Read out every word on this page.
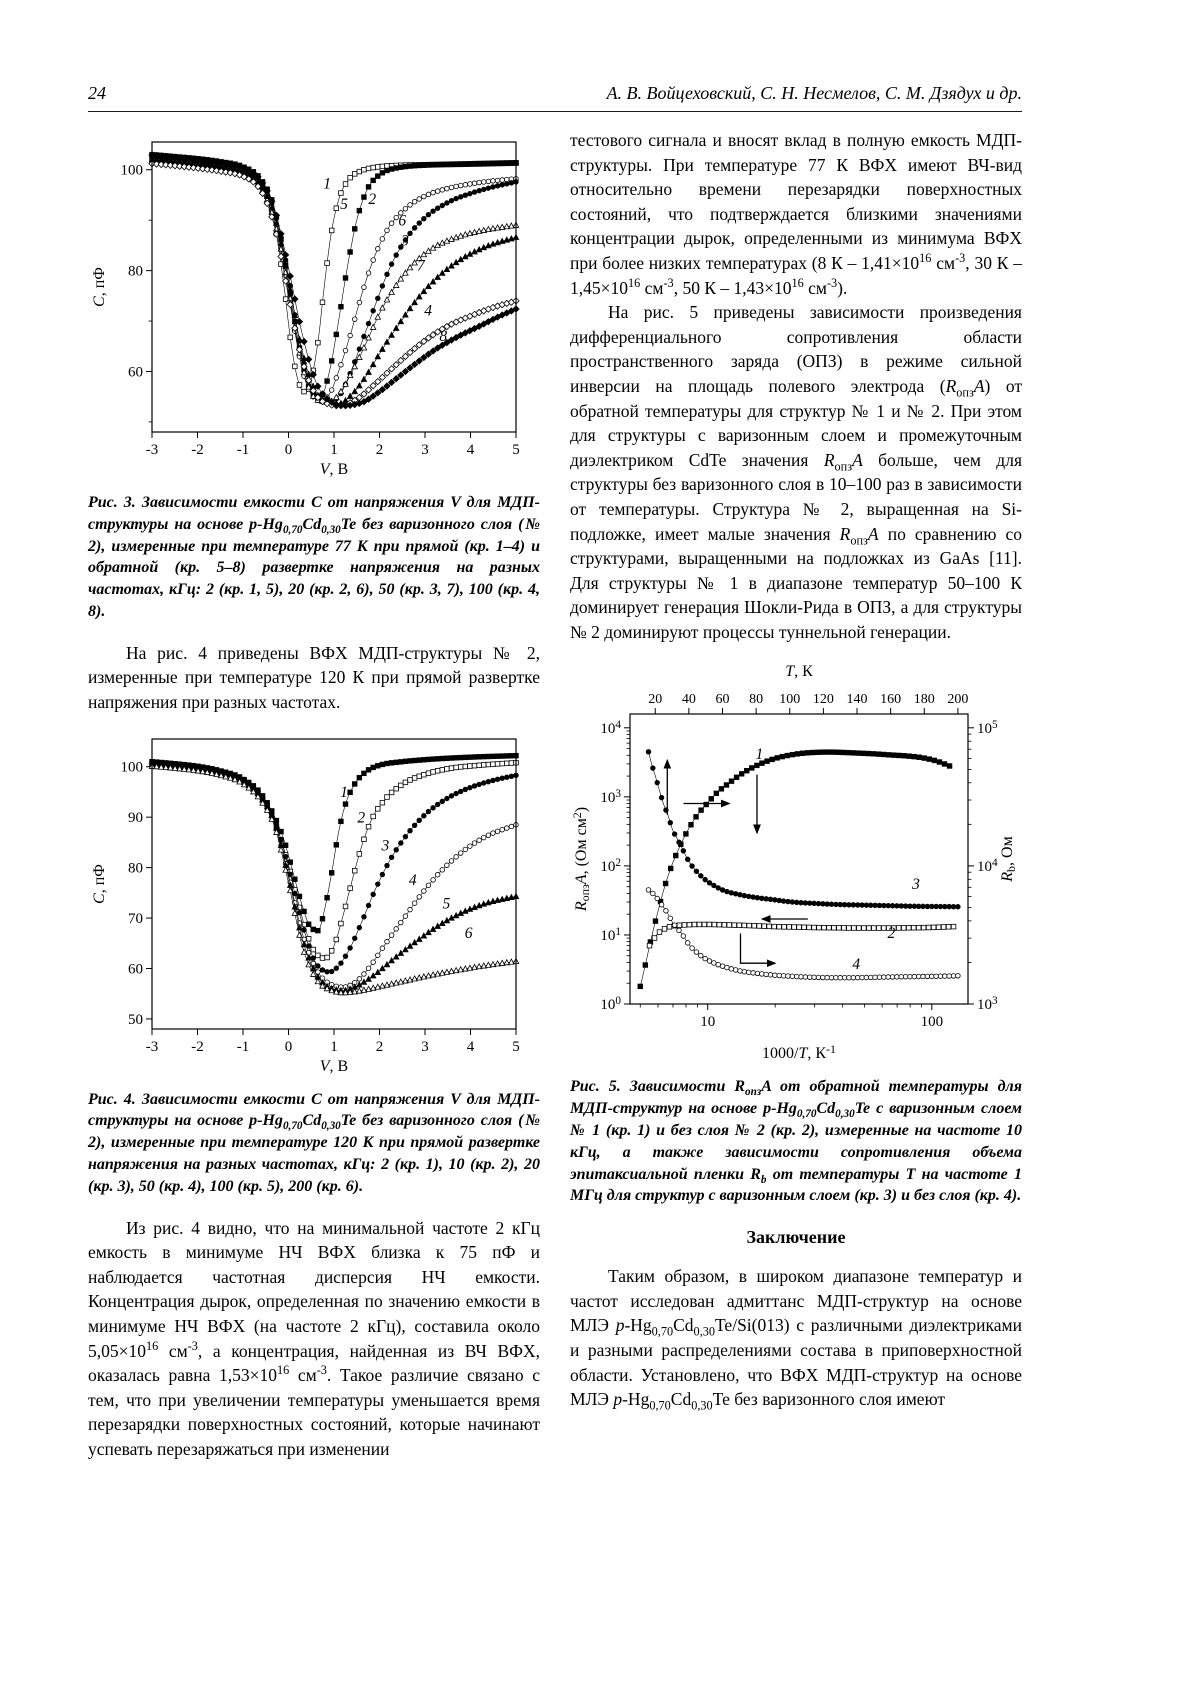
24	А. В. Войцеховский, С. Н. Несмелов, С. М. Дзядух и др.
-3 -2 -1 0	1	2	3	4	5
60
80
100
V, В
C, пФ
1
5 2
6
3
7
4
8

Рис. 3. Зависимости емкости C от напряжения V для МДП-структуры на основе $p-Hg_{0,70}Cd_{0,30}Te$ без варизонного слоя (№ 2), измеренные при температуре 77 К при прямой (кр. 1–4) и обратной (кр. 5–8) развертке напряжения на разных частотах, кГц: 2 (кр. 1, 5), 20 (кр. 2, 6), 50 (кр. 3, 7), 100 (кр. 4, 8).

На рис. 4 приведены ВФХ МДП-структуры № 2, измеренные при температуре 120 К при прямой развертке напряжения при разных частотах.

-3 -2 -1 0	1	2	3	4	5
50
60
70
80
90
100
V, В
C, пФ
1
2
3
4
5
6

Рис. 4. Зависимости емкости C от напряжения V для МДП-структуры на основе $p-Hg_{0,70}Cd_{0,30}Te$ без варизонного слоя (№ 2), измеренные при температуре 120 К при прямой развертке напряжения на разных частотах, кГц: 2 (кр. 1), 10 (кр. 2), 20 (кр. 3), 50 (кр. 4), 100 (кр. 5), 200 (кр. 6).

Из рис. 4 видно, что на минимальной частоте 2 кГц емкость в минимуме НЧ ВФХ близка к 75 пФ и наблюдается частотная дисперсия НЧ емкости. Концентрация дырок, определенная по значению емкости в минимуме НЧ ВФХ (на частоте 2 кГц), составила около $5,05\times 10^{16}$ $см^{-3}$, а концентрация, найденная из ВЧ ВФХ, оказалась равна $1,53\times 10^{16}$ $см^{-3}$. Такое различие связано с тем, что при увеличении температуры уменьшается время перезарядки поверхностных состояний, которые начинают успевать перезаряжаться при изменении

тестового сигнала и вносят вклад в полную емкость МДП-структуры. При температуре 77 К ВФХ имеют ВЧ-вид относительно времени перезарядки поверхностных состояний, что подтверждается близкими значениями концентрации дырок, определенными из минимума ВФХ при более низких температурах (8 $К - 1,41\times 10^{16}$ $см^{-3}$, 30 $К - 1,45\times 10^{16}$ $см^{-3}$, 50 $К - 1,43\times 10^{16}$ $см^{-3}$).

На рис. 5 приведены зависимости произведения дифференциального сопротивления области пространственного заряда (ОПЗ) в режиме сильной инверсии на площадь полевого электрода $(R_{опз}A)$ от обратной температуры для структур № 1 и № 2. При этом для структуры с варизонным слоем и промежуточным диэлектриком CdTe значения $R_{опз}A$ больше, чем для структуры без варизонного слоя в 10–100 раз в зависимости от температуры. Структура № 2, выращенная на Si-подложке, имеет малые значения $R_{опз}A$ по сравнению со структурами, выращенными на подложках из GaAs [11]. Для структуры № 1 в диапазоне температур 50–100 К доминирует генерация Шокли-Рида в ОПЗ, а для структуры № 2 доминируют процессы туннельной генерации.

10	100
$10^0$
$10^1$
$10^2$
$10^3$
$10^4$
20 40 60 80 100 120 140 160 180 200
T, К
$10^3$
$10^4$
$10^5$
Rb, Ом
1000/T, $К^{-1}$
RопзA, (Ом $см^2$)
1
2
3
4

Рис. 5. Зависимости $R_{опз}A$ от обратной температуры для МДП-структур на основе $p-Hg_{0,70}Cd_{0,30}Te$ с варизонным слоем № 1 (кр. 1) и без слоя № 2 (кр. 2), измеренные на частоте 10 кГц, а также зависимости сопротивления объема эпитаксиальной пленки $R_b$ от температуры T на частоте 1 МГц для структур с варизонным слоем (кр. 3) и без слоя (кр. 4).

Заключение

Таким образом, в широком диапазоне температур и частот исследован адмиттанс МДП-структур на основе МЛЭ $p-Hg_{0,70}Cd_{0,30}Te/Si(013)$ с различными диэлектриками и разными распределениями состава в приповерхностной области. Установлено, что ВФХ МДП-структур на основе МЛЭ $p-Hg_{0,70}Cd_{0,30}Te$ без варизонного слоя имеют
